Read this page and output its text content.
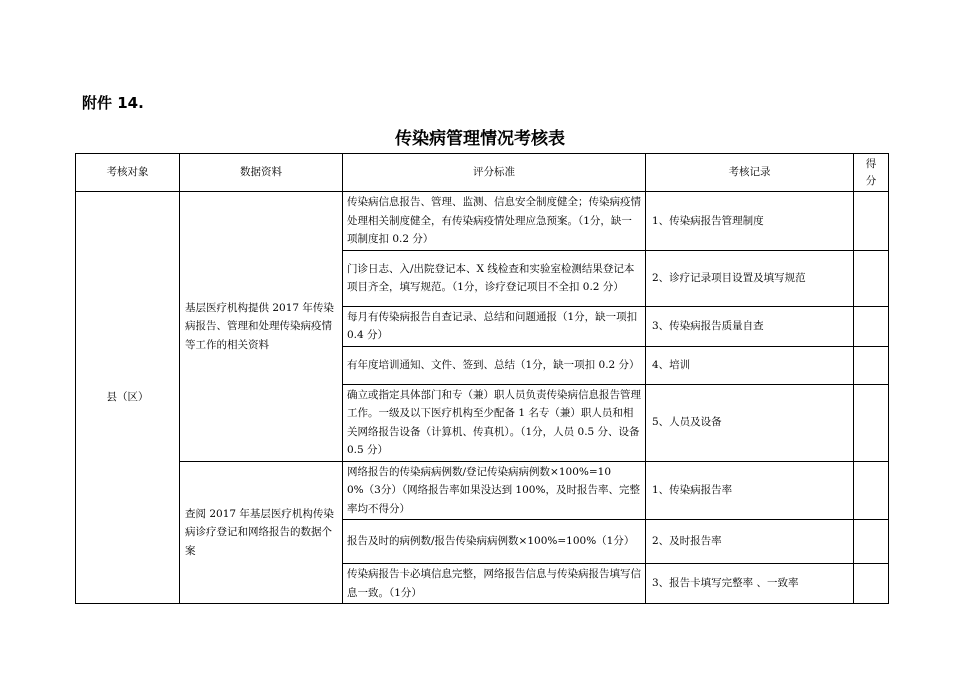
附件 14.
传染病管理情况考核表
考核对象	数据资料	评分标准	考核记录	得
分
县（区）	基层医疗机构提供 2017 年传染病报告、管理和处理传染病疫情等工作的相关资料	传染病信息报告、管理、监测、信息安全制度健全；传染病疫情处理相关制度健全，有传染病疫情处理应急预案。（1分，缺一项制度扣 0.2 分）	1、传染病报告管理制度	
		门诊日志、入/出院登记本、X 线检查和实验室检测结果登记本项目齐全，填写规范。（1分，诊疗登记项目不全扣 0.2 分）	2、诊疗记录项目设置及填写规范	
		每月有传染病报告自查记录、总结和问题通报（1分，缺一项扣 0.4 分）	3、传染病报告质量自查	
		有年度培训通知、文件、签到、总结（1分，缺一项扣 0.2 分）	4、培训	
		确立或指定具体部门和专（兼）职人员负责传染病信息报告管理工作。一级及以下医疗机构至少配备 1 名专（兼）职人员和相关网络报告设备（计算机、传真机）。（1分，人员 0.5 分、设备 0.5 分）	5、人员及设备	
	查阅 2017 年基层医疗机构传染病诊疗登记和网络报告的数据个案	网络报告的传染病病例数/登记传染病病例数×100%=100%（3分）（网络报告率如果没达到 100%，及时报告率、完整率均不得分）	1、传染病报告率	
		报告及时的病例数/报告传染病病例数×100%=100%（1分）	2、及时报告率	
		传染病报告卡必填信息完整，网络报告信息与传染病报告填写信息一致。（1分）	3、报告卡填写完整率 、一致率	
